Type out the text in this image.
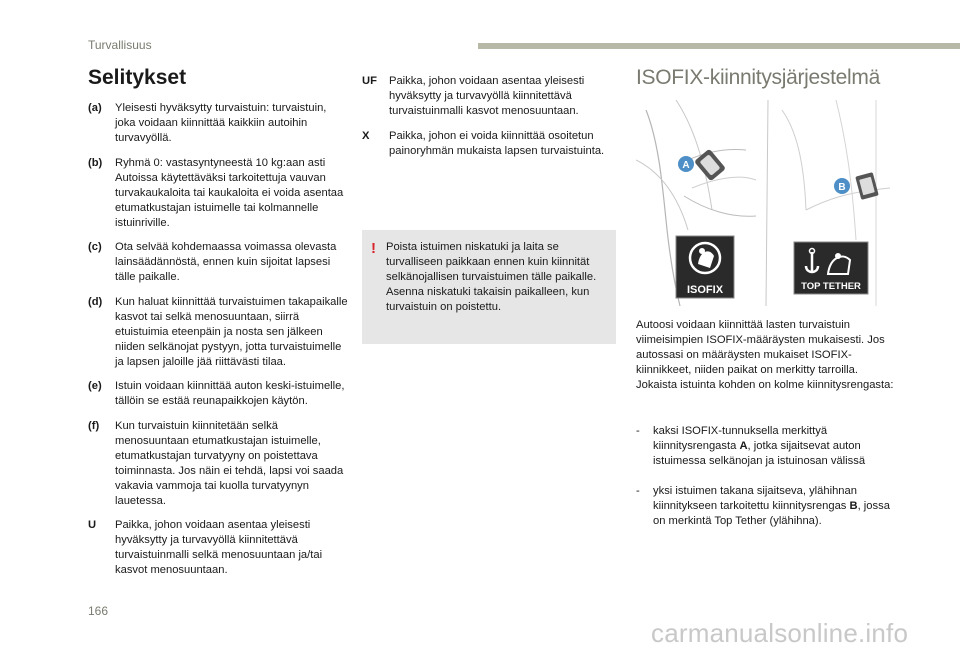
Turvallisuus
Selitykset
(a)	Yleisesti hyväksytty turvaistuin: turvaistuin, joka voidaan kiinnittää kaikkiin autoihin turvavyöllä.
(b)	Ryhmä 0: vastasyntyneestä 10 kg:aan asti Autoissa käytettäväksi tarkoitettuja vauvan turvakaukaloita tai kaukaloita ei voida asentaa etumatkustajan istuimelle tai kolmannelle istuinriville.
(c)	Ota selvää kohdemaassa voimassa olevasta lainsäädännöstä, ennen kuin sijoitat lapsesi tälle paikalle.
(d)	Kun haluat kiinnittää turvaistuimen takapaikalle kasvot tai selkä menosuuntaan, siirrä etuistuimia eteenpäin ja nosta sen jälkeen niiden selkänojat pystyyn, jotta turvaistuimelle ja lapsen jaloille jää riittävästi tilaa.
(e)	Istuin voidaan kiinnittää auton keski-istuimelle, tällöin se estää reunapaikkojen käytön.
(f)	Kun turvaistuin kiinnitetään selkä menosuuntaan etumatkustajan istuimelle, etumatkustajan turvatyyny on poistettava toiminnasta. Jos näin ei tehdä, lapsi voi saada vakavia vammoja tai kuolla turvatyynyn lauetessa.
U	Paikka, johon voidaan asentaa yleisesti hyväksytty ja turvavyöllä kiinnitettävä turvaistuinmalli selkä menosuuntaan ja/tai kasvot menosuuntaan.
UF	Paikka, johon voidaan asentaa yleisesti hyväksytty ja turvavyöllä kiinnitettävä turvaistuinmalli kasvot menosuuntaan.
X	Paikka, johon ei voida kiinnittää osoitetun painoryhmän mukaista lapsen turvaistuinta.
! Poista istuimen niskatuki ja laita se turvalliseen paikkaan ennen kuin kiinnität selkänojallisen turvaistuimen tälle paikalle.
Asenna niskatuki takaisin paikalleen, kun turvaistuin on poistettu.
ISOFIX-kiinnitysjärjestelmä
A
B
ISOFIX	TOP TETHER
Autoosi voidaan kiinnittää lasten turvaistuin viimeisimpien ISOFIX-määräysten mukaisesti. Jos autossasi on määräysten mukaiset ISOFIX-kiinnikkeet, niiden paikat on merkitty tarroilla. Jokaista istuinta kohden on kolme kiinnitysrengasta:
-	kaksi ISOFIX-tunnuksella merkittyä kiinnitysrengasta A, jotka sijaitsevat auton istuimessa selkänojan ja istuinosan välissä
-	yksi istuimen takana sijaitseva, ylähihnan kiinnitykseen tarkoitettu kiinnitysrengas B, jossa on merkintä Top Tether (ylähihna).
166
carmanualsonline.info
